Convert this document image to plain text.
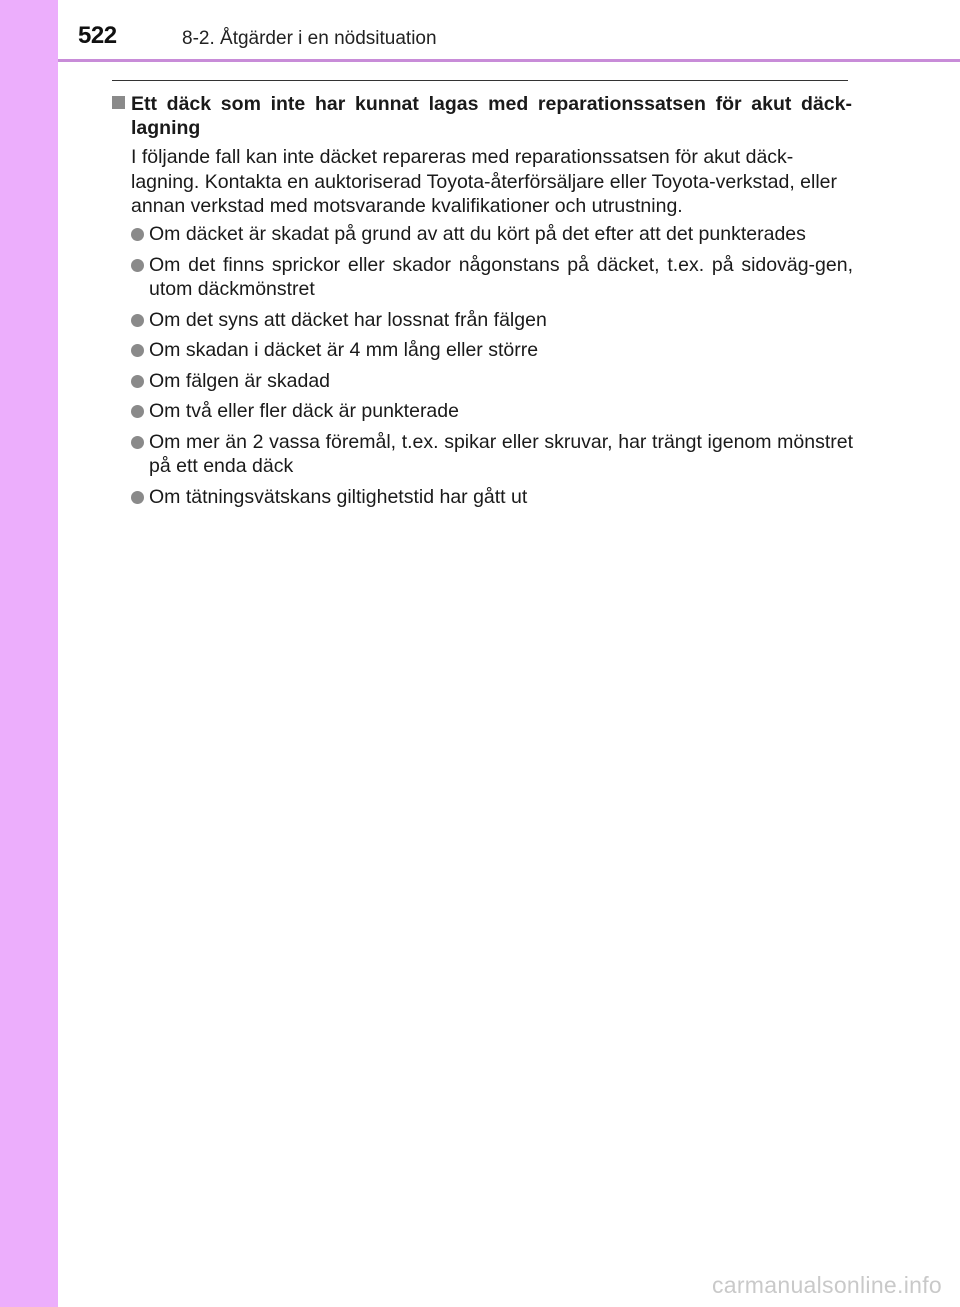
522	8-2. Åtgärder i en nödsituation
Ett däck som inte har kunnat lagas med reparationssatsen för akut däck-lagning
I följande fall kan inte däcket repareras med reparationssatsen för akut däck-lagning. Kontakta en auktoriserad Toyota-återförsäljare eller Toyota-verkstad, eller annan verkstad med motsvarande kvalifikationer och utrustning.
Om däcket är skadat på grund av att du kört på det efter att det punkterades
Om det finns sprickor eller skador någonstans på däcket, t.ex. på sidoväg-gen, utom däckmönstret
Om det syns att däcket har lossnat från fälgen
Om skadan i däcket är 4 mm lång eller större
Om fälgen är skadad
Om två eller fler däck är punkterade
Om mer än 2 vassa föremål, t.ex. spikar eller skruvar, har trängt igenom mönstret på ett enda däck
Om tätningsvätskans giltighetstid har gått ut
carmanualsonline.info
